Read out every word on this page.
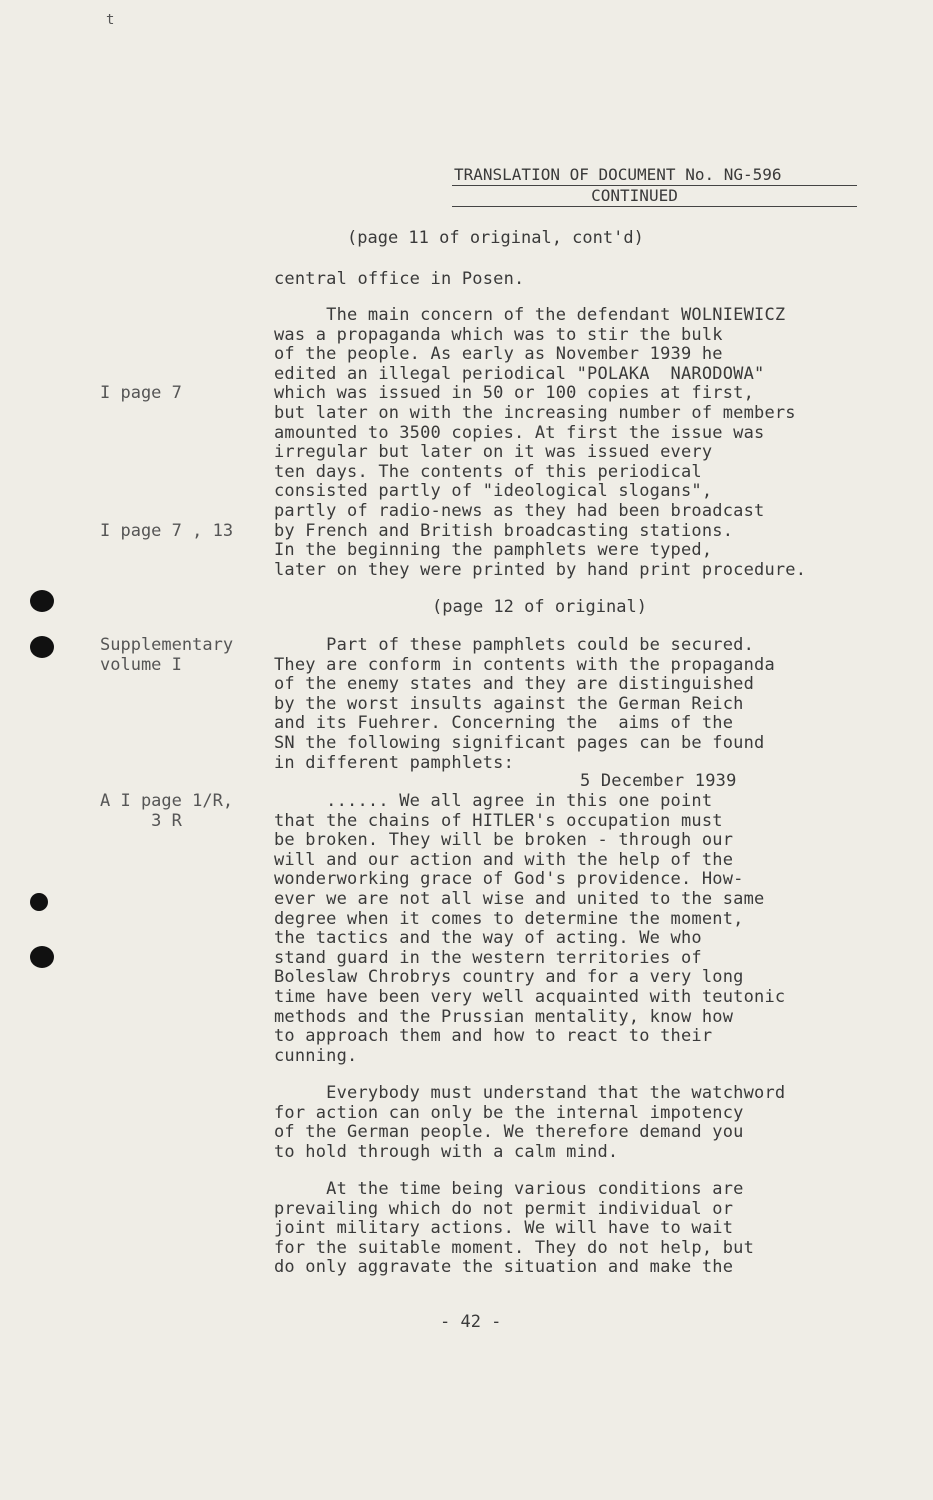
t
TRANSLATION OF DOCUMENT No. NG-596
CONTINUED
(page 11 of original, cont'd)
central office in Posen.
The main concern of the defendant WOLNIEWICZ
was a propaganda which was to stir the bulk
of the people. As early as November 1939 he
edited an illegal periodical "POLAKA  NARODOWA"
which was issued in 50 or 100 copies at first,
but later on with the increasing number of members
amounted to 3500 copies. At first the issue was
irregular but later on it was issued every
ten days. The contents of this periodical
consisted partly of "ideological slogans",
partly of radio-news as they had been broadcast
by French and British broadcasting stations.
In the beginning the pamphlets were typed,
later on they were printed by hand print procedure.
I page 7
I page 7 , 13
(page 12 of original)
Supplementary
volume I
Part of these pamphlets could be secured.
They are conform in contents with the propaganda
of the enemy states and they are distinguished
by the worst insults against the German Reich
and its Fuehrer. Concerning the  aims of the
SN the following significant pages can be found
in different pamphlets:
5 December 1939
A I page 1/R,
3 R
...... We all agree in this one point
that the chains of HITLER's occupation must
be broken. They will be broken - through our
will and our action and with the help of the
wonderworking grace of God's providence. How-
ever we are not all wise and united to the same
degree when it comes to determine the moment,
the tactics and the way of acting. We who
stand guard in the western territories of
Boleslaw Chrobrys country and for a very long
time have been very well acquainted with teutonic
methods and the Prussian mentality, know how
to approach them and how to react to their
cunning.
Everybody must understand that the watchword
for action can only be the internal impotency
of the German people. We therefore demand you
to hold through with a calm mind.
At the time being various conditions are
prevailing which do not permit individual or
joint military actions. We will have to wait
for the suitable moment. They do not help, but
do only aggravate the situation and make the
- 42 -
